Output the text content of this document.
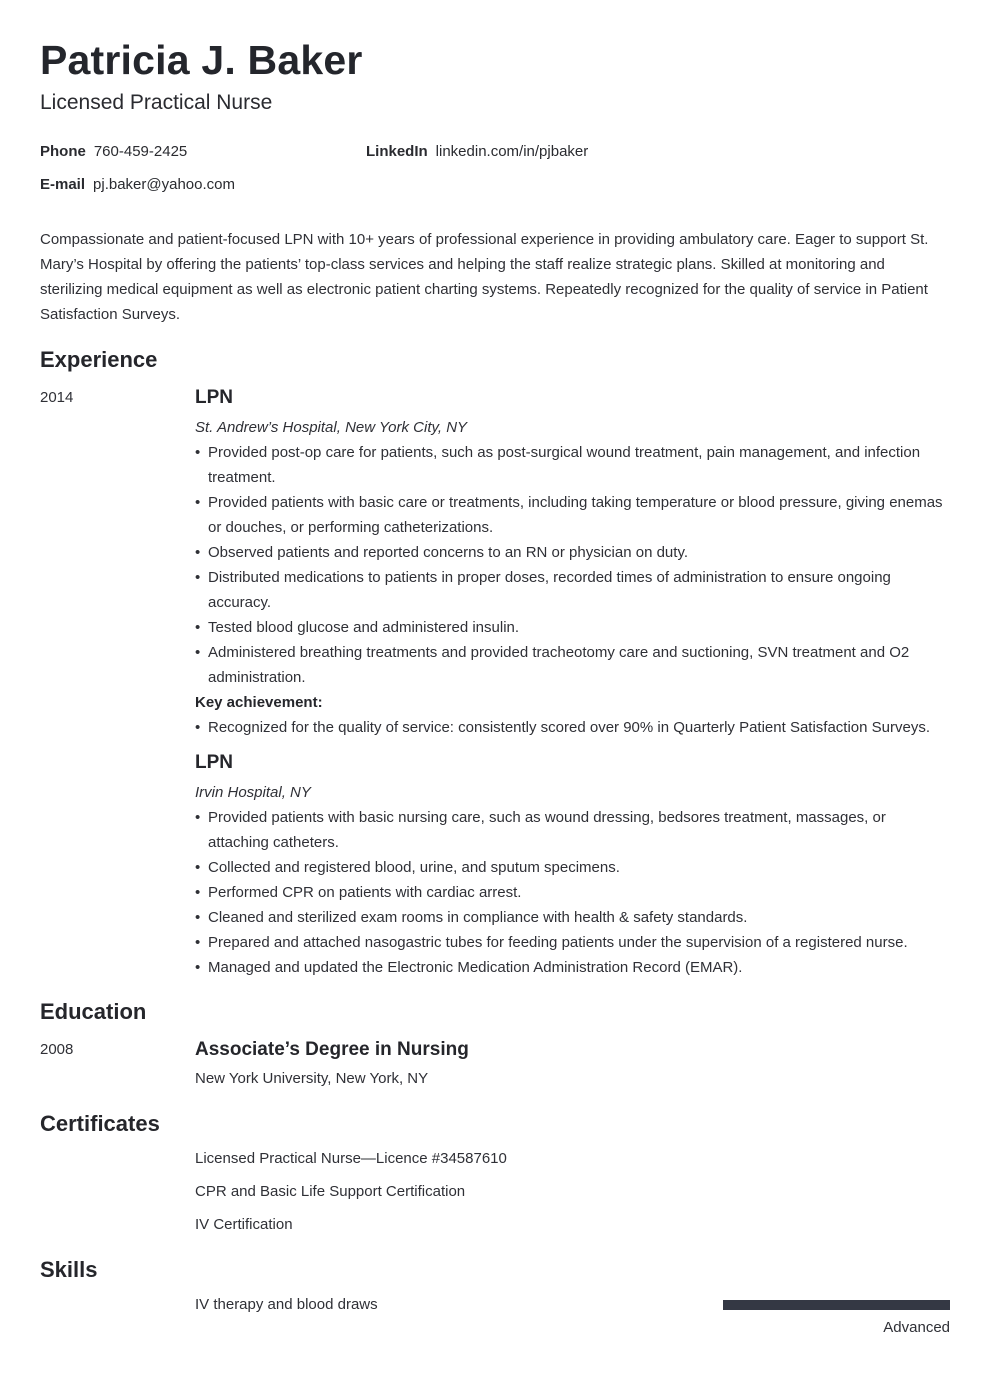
Patricia J. Baker
Licensed Practical Nurse
Phone 760-459-2425	LinkedIn linkedin.com/in/pjbaker
E-mail pj.baker@yahoo.com

Compassionate and patient-focused LPN with 10+ years of professional experience in providing ambulatory care. Eager to support St. Mary’s Hospital by offering the patients’ top-class services and helping the staff realize strategic plans. Skilled at monitoring and sterilizing medical equipment as well as electronic patient charting systems. Repeatedly recognized for the quality of service in Patient Satisfaction Surveys.

Experience
2014	LPN
St. Andrew’s Hospital, New York City, NY
• Provided post-op care for patients, such as post-surgical wound treatment, pain management, and infection treatment.
• Provided patients with basic care or treatments, including taking temperature or blood pressure, giving enemas or douches, or performing catheterizations.
• Observed patients and reported concerns to an RN or physician on duty.
• Distributed medications to patients in proper doses, recorded times of administration to ensure ongoing accuracy.
• Tested blood glucose and administered insulin.
• Administered breathing treatments and provided tracheotomy care and suctioning, SVN treatment and O2 administration.
Key achievement:
• Recognized for the quality of service: consistently scored over 90% in Quarterly Patient Satisfaction Surveys.
LPN
Irvin Hospital, NY
• Provided patients with basic nursing care, such as wound dressing, bedsores treatment, massages, or attaching catheters.
• Collected and registered blood, urine, and sputum specimens.
• Performed CPR on patients with cardiac arrest.
• Cleaned and sterilized exam rooms in compliance with health & safety standards.
• Prepared and attached nasogastric tubes for feeding patients under the supervision of a registered nurse.
• Managed and updated the Electronic Medication Administration Record (EMAR).
Education
2008	Associate’s Degree in Nursing
New York University, New York, NY
Certificates
Licensed Practical Nurse—Licence #34587610
CPR and Basic Life Support Certification
IV Certification
Skills
IV therapy and blood draws
Advanced
